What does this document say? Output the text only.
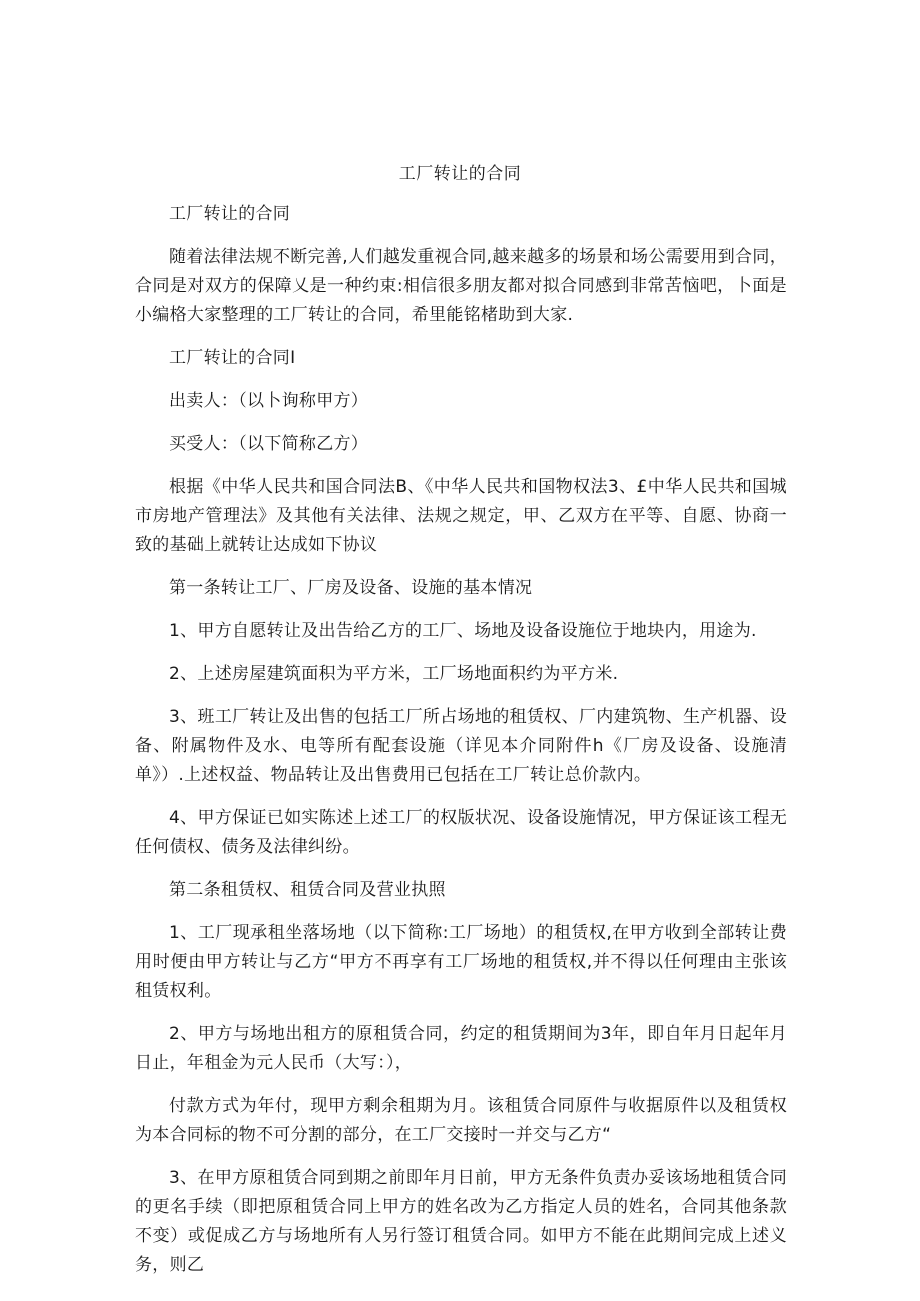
工厂转让的合同

工厂转让的合同

随着法律法规不断完善,人们越发重视合同,越来越多的场景和场公需要用到合同，合同是对双方的保障乂是一种约束:相信很多朋友都对拟合同感到非常苦恼吧，卜面是小编格大家整理的工厂转让的合同，希里能铭楮助到大家.

工厂转让的合同I

出卖人：（以卜询称甲方）

买受人：（以下简称乙方）

根据《中华人民共和国合同法B、《中华人民共和国物权法3、£中华人民共和国城市房地产管理法》及其他有关法律、法规之规定，甲、乙双方在平等、自愿、协商一致的基础上就转让达成如下协议

第一条转让工厂、厂房及设备、设施的基本情况

1、甲方自愿转让及出告给乙方的工厂、场地及设备设施位于地块内，用途为.

2、上述房屋建筑面积为平方米，工厂场地面积约为平方米.

3、班工厂转让及出售的包括工厂所占场地的租赁权、厂内建筑物、生产机器、设备、附属物件及水、电等所有配套设施（详见本介同附件h《厂房及设备、设施清单》）.上述权益、物品转让及出售费用已包括在工厂转让总价款内。

4、甲方保证已如实陈述上述工厂的权版状况、设备设施情况，甲方保证该工程无任何债权、债务及法律纠纷。

第二条租赁权、租赁合同及营业执照

1、工厂现承租坐落场地（以下简称:工厂场地）的租赁权,在甲方收到全部转让费用时便由甲方转让与乙方“甲方不再享有工厂场地的租赁权,并不得以任何理由主张该租赁权利。

2、甲方与场地出租方的原租赁合同，约定的租赁期间为3年，即自年月日起年月日止，年租金为元人民币（大写：），

付款方式为年付，现甲方剩余租期为月。该租赁合同原件与收据原件以及租赁权为本合同标的物不可分割的部分，在工厂交接时一并交与乙方“

3、在甲方原租赁合同到期之前即年月日前，甲方无条件负责办妥该场地租赁合同的更名手续（即把原租赁合同上甲方的姓名改为乙方指定人员的姓名，合同其他条款不变）或促成乙方与场地所有人另行签订租赁合同。如甲方不能在此期间完成上述义务，则乙
